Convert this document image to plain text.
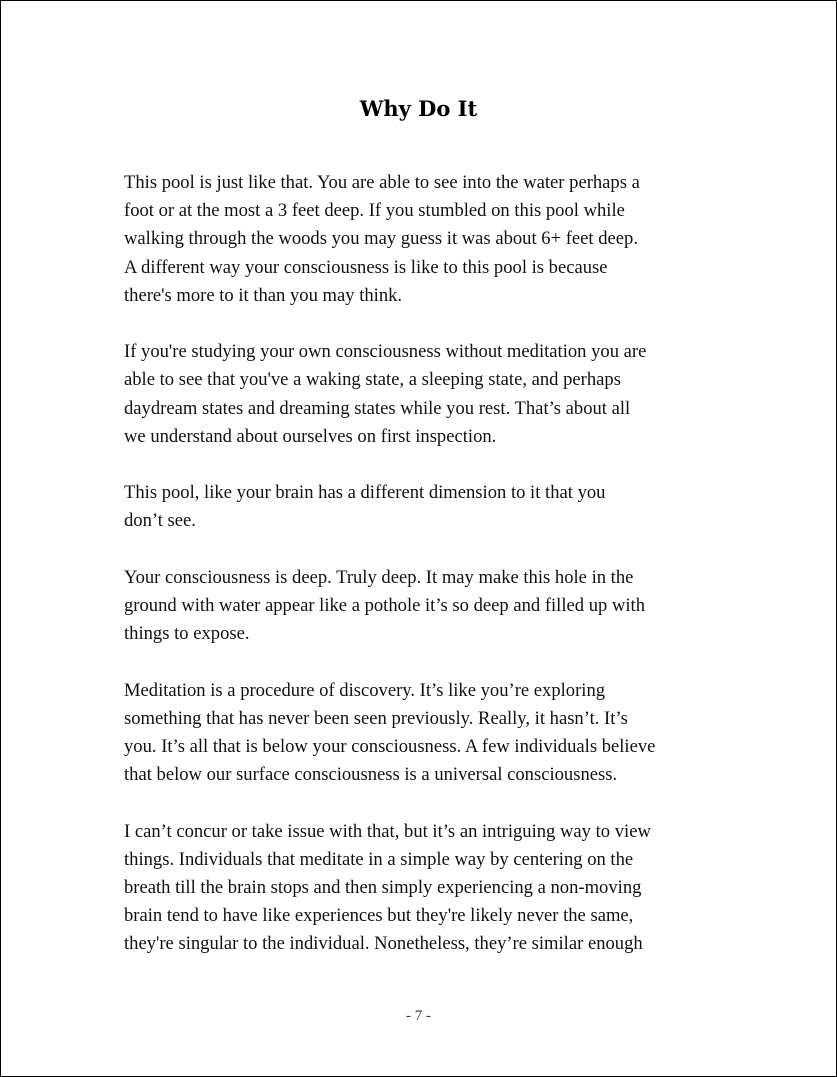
Why Do It

This pool is just like that. You are able to see into the water perhaps a
foot or at the most a 3 feet deep. If you stumbled on this pool while
walking through the woods you may guess it was about 6+ feet deep.
A different way your consciousness is like to this pool is because
there's more to it than you may think.

If you're studying your own consciousness without meditation you are
able to see that you've a waking state, a sleeping state, and perhaps
daydream states and dreaming states while you rest. That’s about all
we understand about ourselves on first inspection.

This pool, like your brain has a different dimension to it that you
don’t see.

Your consciousness is deep. Truly deep. It may make this hole in the
ground with water appear like a pothole it’s so deep and filled up with
things to expose.

Meditation is a procedure of discovery. It’s like you’re exploring
something that has never been seen previously. Really, it hasn’t. It’s
you. It’s all that is below your consciousness. A few individuals believe
that below our surface consciousness is a universal consciousness.

I can’t concur or take issue with that, but it’s an intriguing way to view
things. Individuals that meditate in a simple way by centering on the
breath till the brain stops and then simply experiencing a non-moving
brain tend to have like experiences but they're likely never the same,
they're singular to the individual. Nonetheless, they’re similar enough

- 7 -
